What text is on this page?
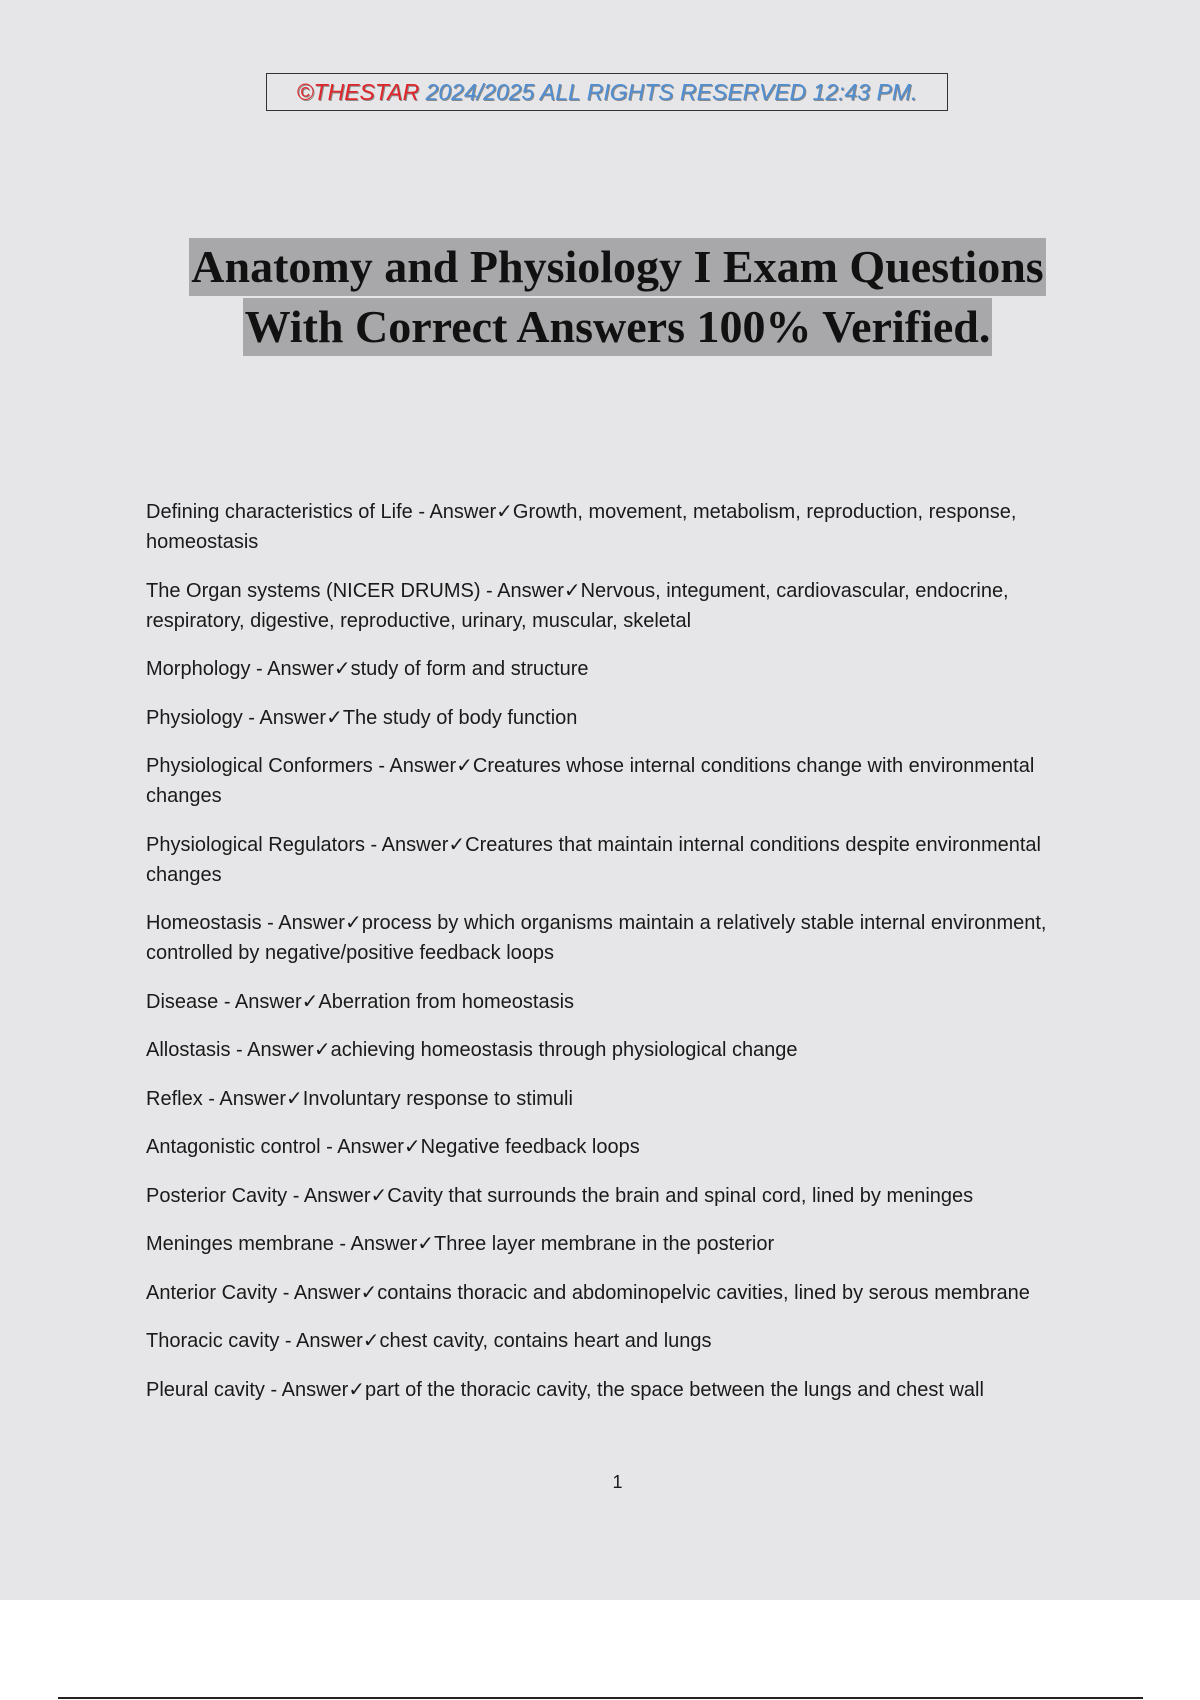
©THESTAR 2024/2025 ALL RIGHTS RESERVED 12:43 PM.
Anatomy and Physiology I Exam Questions
With Correct Answers 100% Verified.

Defining characteristics of Life - Answer✓Growth, movement, metabolism, reproduction, response, homeostasis

The Organ systems (NICER DRUMS) - Answer✓Nervous, integument, cardiovascular, endocrine, respiratory, digestive, reproductive, urinary, muscular, skeletal

Morphology - Answer✓study of form and structure

Physiology - Answer✓The study of body function

Physiological Conformers - Answer✓Creatures whose internal conditions change with environmental changes

Physiological Regulators - Answer✓Creatures that maintain internal conditions despite environmental changes

Homeostasis - Answer✓process by which organisms maintain a relatively stable internal environment, controlled by negative/positive feedback loops

Disease - Answer✓Aberration from homeostasis

Allostasis - Answer✓achieving homeostasis through physiological change

Reflex - Answer✓Involuntary response to stimuli

Antagonistic control - Answer✓Negative feedback loops

Posterior Cavity - Answer✓Cavity that surrounds the brain and spinal cord, lined by meninges

Meninges membrane - Answer✓Three layer membrane in the posterior

Anterior Cavity - Answer✓contains thoracic and abdominopelvic cavities, lined by serous membrane

Thoracic cavity - Answer✓chest cavity, contains heart and lungs

Pleural cavity - Answer✓part of the thoracic cavity, the space between the lungs and chest wall

1
